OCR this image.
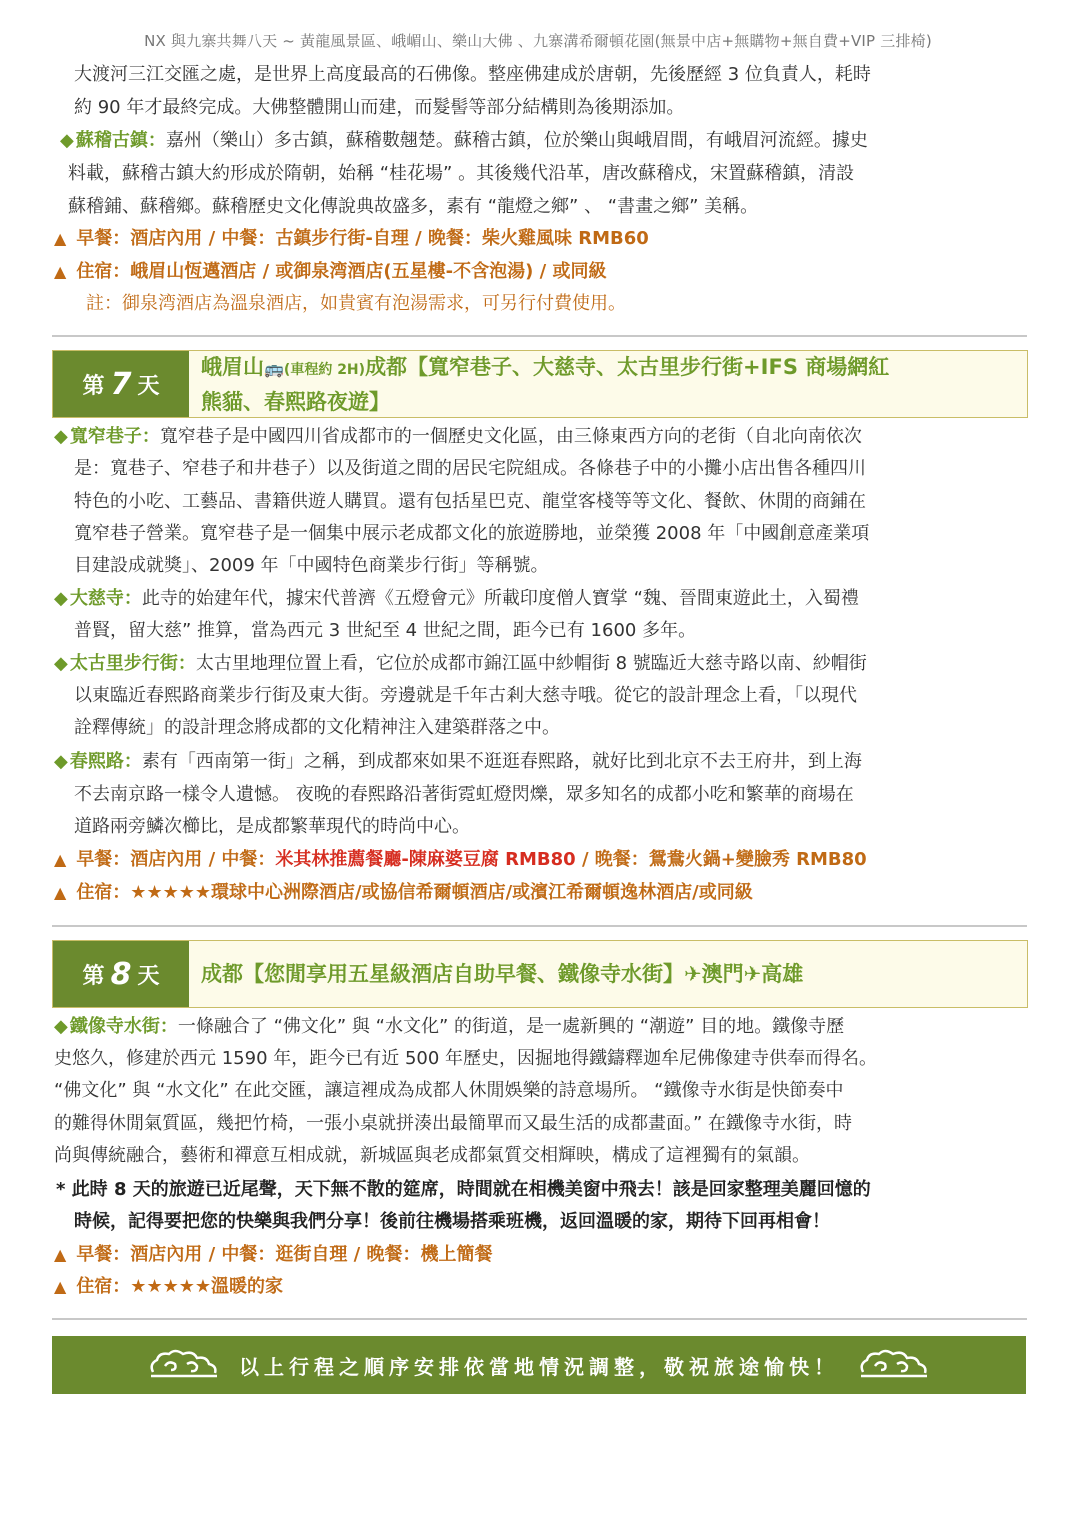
NX 與九寨共舞八天 ~ 黃龍風景區、峨嵋山、樂山大佛 、九寨溝希爾頓花園(無景中店+無購物+無自費+VIP 三排椅)
大渡河三江交匯之處，是世界上高度最高的石佛像。整座佛建成於唐朝，先後歷經 3 位負責人，耗時
約 90 年才最終完成。大佛整體開山而建，而髮髻等部分結構則為後期添加。
◆ 蘇稽古鎮：嘉州（樂山）多古鎮，蘇稽數翹楚。蘇稽古鎮，位於樂山與峨眉間，有峨眉河流經。據史
料載，蘇稽古鎮大約形成於隋朝，始稱 “桂花場” 。其後幾代沿革，唐改蘇稽戍，宋置蘇稽鎮，清設
蘇稽鋪、蘇稽鄉。蘇稽歷史文化傳說典故盛多，素有 “龍燈之鄉” 、 “書畫之鄉” 美稱。
▲ 早餐：酒店內用 / 中餐：古鎮步行街-自理 / 晚餐：柴火雞風味 RMB60
▲ 住宿：峨眉山恆邁酒店 / 或御泉湾酒店(五星樓-不含泡湯) / 或同級
註：御泉湾酒店為溫泉酒店，如貴賓有泡湯需求，可另行付費使用。
第 7 天
峨眉山🚌(車程約 2H)成都【寬窄巷子、大慈寺、太古里步行街+IFS 商場網紅
熊貓、春熙路夜遊】
◆ 寬窄巷子：寬窄巷子是中國四川省成都市的一個歷史文化區，由三條東西方向的老街（自北向南依次
是：寬巷子、窄巷子和井巷子）以及街道之間的居民宅院組成。各條巷子中的小攤小店出售各種四川
特色的小吃、工藝品、書籍供遊人購買。還有包括星巴克、龍堂客棧等等文化、餐飲、休閒的商鋪在
寬窄巷子營業。寬窄巷子是一個集中展示老成都文化的旅遊勝地，並榮獲 2008 年「中國創意產業項
目建設成就獎」、2009 年「中國特色商業步行街」等稱號。
◆ 大慈寺：此寺的始建年代，據宋代普濟《五燈會元》所載印度僧人寶掌 “魏、晉間東遊此土，入蜀禮
普賢，留大慈” 推算，當為西元 3 世紀至 4 世紀之間，距今已有 1600 多年。
◆ 太古里步行街：太古里地理位置上看，它位於成都市錦江區中紗帽街 8 號臨近大慈寺路以南、紗帽街
以東臨近春熙路商業步行街及東大街。旁邊就是千年古剎大慈寺哦。從它的設計理念上看，「以現代
詮釋傳統」的設計理念將成都的文化精神注入建築群落之中。
◆ 春熙路：素有「西南第一街」之稱，到成都來如果不逛逛春熙路，就好比到北京不去王府井，到上海
不去南京路一樣令人遺憾。 夜晚的春熙路沿著街霓虹燈閃爍，眾多知名的成都小吃和繁華的商場在
道路兩旁鱗次櫛比，是成都繁華現代的時尚中心。
▲ 早餐：酒店內用 / 中餐：米其林推薦餐廳-陳麻婆豆腐 RMB80 / 晚餐：鴛鴦火鍋+變臉秀 RMB80
▲ 住宿：★★★★★環球中心洲際酒店/或協信希爾頓酒店/或濱江希爾頓逸林酒店/或同級
第 8 天 成都【您閒享用五星級酒店自助早餐、鐵像寺水街】✈澳門✈高雄
◆ 鐵像寺水街：一條融合了 “佛文化” 與 “水文化” 的街道，是一處新興的 “潮遊” 目的地。鐵像寺歷
史悠久，修建於西元 1590 年，距今已有近 500 年歷史，因掘地得鐵鑄釋迦牟尼佛像建寺供奉而得名。
“佛文化” 與 “水文化” 在此交匯，讓這裡成為成都人休閒娛樂的詩意場所。 “鐵像寺水街是快節奏中
的難得休閒氣質區，幾把竹椅，一張小桌就拼湊出最簡單而又最生活的成都畫面。” 在鐵像寺水街，時
尚與傳統融合，藝術和禪意互相成就，新城區與老成都氣質交相輝映，構成了這裡獨有的氣韻。
* 此時 8 天的旅遊已近尾聲，天下無不散的筵席，時間就在相機美窗中飛去！該是回家整理美麗回憶的
時候，記得要把您的快樂與我們分享！後前往機場搭乘班機，返回溫暖的家，期待下回再相會！
▲ 早餐：酒店內用 / 中餐：逛街自理 / 晚餐：機上簡餐
▲ 住宿：★★★★★溫暖的家
以上行程之順序安排依當地情況調整，敬祝旅途愉快！
